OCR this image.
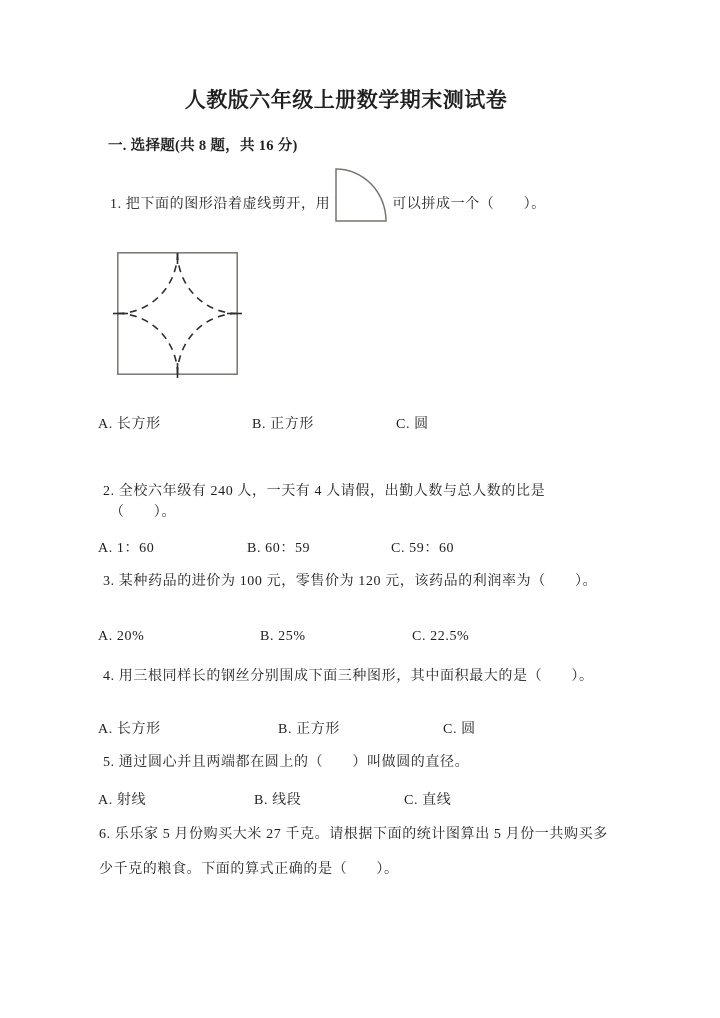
人教版六年级上册数学期末测试卷
一. 选择题(共 8 题，共 16 分)
1. 把下面的图形沿着虚线剪开，用	可以拼成一个（　　）。
A. 长方形	B. 正方形	C. 圆
2. 全校六年级有 240 人，一天有 4 人请假，出勤人数与总人数的比是
（　　）。
A. 1：60	B. 60：59	C. 59：60
3. 某种药品的进价为 100 元，零售价为 120 元，该药品的利润率为（　　）。
A. 20%	B. 25%	C. 22.5%
4. 用三根同样长的钢丝分别围成下面三种图形，其中面积最大的是（　　）。
A. 长方形	B. 正方形	C. 圆
5. 通过圆心并且两端都在圆上的（　　）叫做圆的直径。
A. 射线	B. 线段	C. 直线
6. 乐乐家 5 月份购买大米 27 千克。请根据下面的统计图算出 5 月份一共购买多
少千克的粮食。下面的算式正确的是（　　）。
